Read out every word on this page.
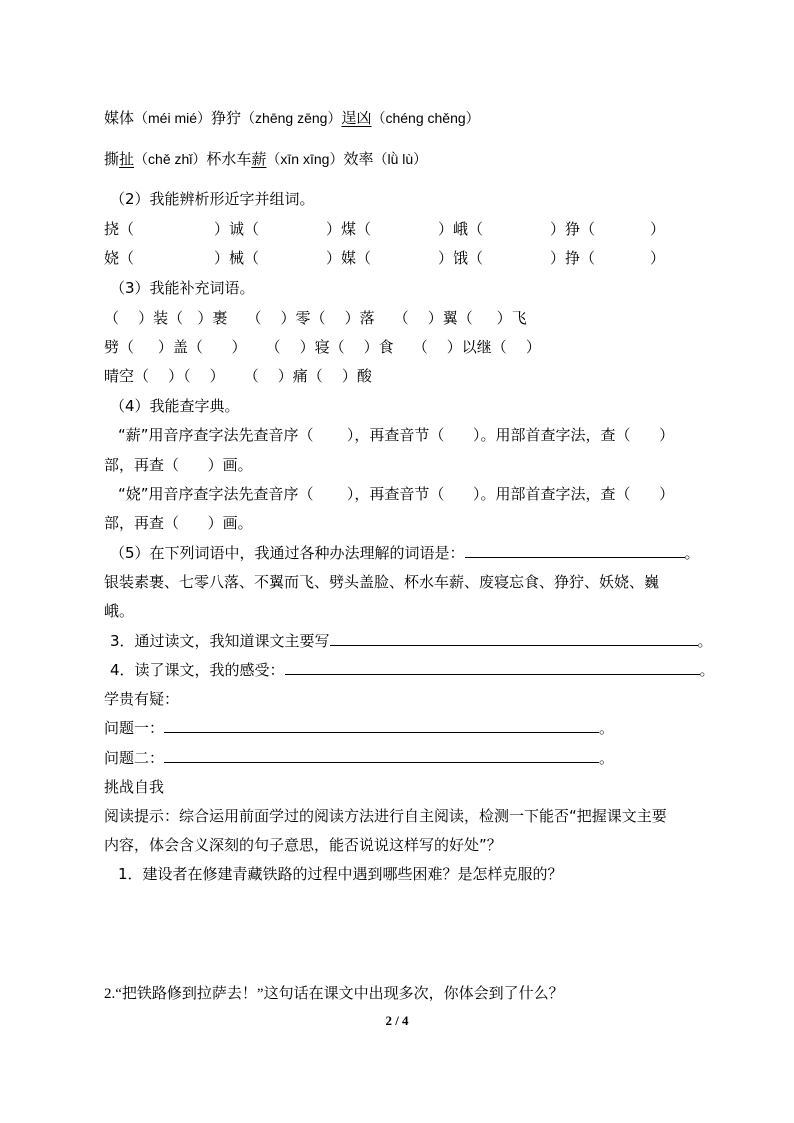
媒体（méi mié）狰狞（zhēng zēng）逞凶（chéng chěng）
撕扯（chě zhǐ）杯水车薪（xīn xīng）效率（lǜ lù）
（2）我能辨析形近字并组词。
挠（	）诚（	）煤（	）峨（	）狰（	）
娆（	）械（	）媒（	）饿（	）挣（	）
（3）我能补充词语。
（    ）装（   ）裹    （    ）零（    ）落    （    ）翼（     ）飞
劈（     ）盖（      ）    （    ）寝（    ）食    （    ）以继（    ）
晴空（    ）（    ）    （    ）痛（    ）酸
（4）我能查字典。
“薪”用音序查字法先查音序（       ），再查音节（      ）。用部首查字法，查（      ）
部，再查（      ）画。
“娆”用音序查字法先查音序（       ），再查音节（      ）。用部首查字法，查（      ）
部，再查（      ）画。
（5）在下列词语中，我通过各种办法理解的词语是：	。
银装素裹、七零八落、不翼而飞、劈头盖脸、杯水车薪、废寝忘食、狰狞、妖娆、巍
峨。
3．通过读文，我知道课文主要写	。
4．读了课文，我的感受：	。
学贵有疑：
问题一：	。
问题二：	。
挑战自我
阅读提示：综合运用前面学过的阅读方法进行自主阅读，检测一下能否“把握课文主要
内容，体会含义深刻的句子意思，能否说说这样写的好处”？
1．建设者在修建青藏铁路的过程中遇到哪些困难？是怎样克服的？
2.“把铁路修到拉萨去！”这句话在课文中出现多次，你体会到了什么？
2 / 4
